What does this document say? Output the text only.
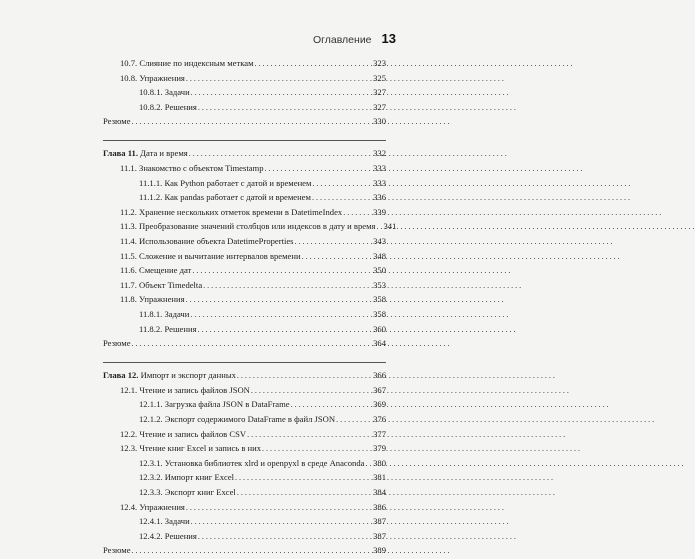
Оглавление 13
10.7. Слияние по индексным меткам . . .	323
10.8. Упражнения . . .	325
10.8.1. Задачи . . .	327
10.8.2. Решения . . .	327
Резюме . . .	330
Глава 11. Дата и время . . .	332
11.1. Знакомство с объектом Timestamp . . .	333
11.1.1. Как Python работает с датой и временем . . .	333
11.1.2. Как pandas работает с датой и временем . . .	336
11.2. Хранение нескольких отметок времени в DatetimeIndex . . .	339
11.3. Преобразование значений столбцов или индексов в дату и время . . . 341
11.4. Использование объекта DatetimeProperties . . .	343
11.5. Сложение и вычитание интервалов времени . . .	348
11.6. Смещение дат . . .	350
11.7. Объект Timedelta . . .	353
11.8. Упражнения . . .	358
11.8.1. Задачи . . .	358
11.8.2. Решения . . .	360
Резюме . . .	364
Глава 12. Импорт и экспорт данных . . .	366
12.1. Чтение и запись файлов JSON . . .	367
12.1.1. Загрузка файла JSON в DataFrame . . .	369
12.1.2. Экспорт содержимого DataFrame в файл JSON . . .	376
12.2. Чтение и запись файлов CSV . . .	377
12.3. Чтение книг Excel и запись в них . . .	379
12.3.1. Установка библиотек xlrd и openpyxl в среде Anaconda . . . 380
12.3.2. Импорт книг Excel . . .	381
12.3.3. Экспорт книг Excel . . .	384
12.4. Упражнения . . .	386
12.4.1. Задачи . . .	387
12.4.2. Решения . . .	387
Резюме . . .	389
